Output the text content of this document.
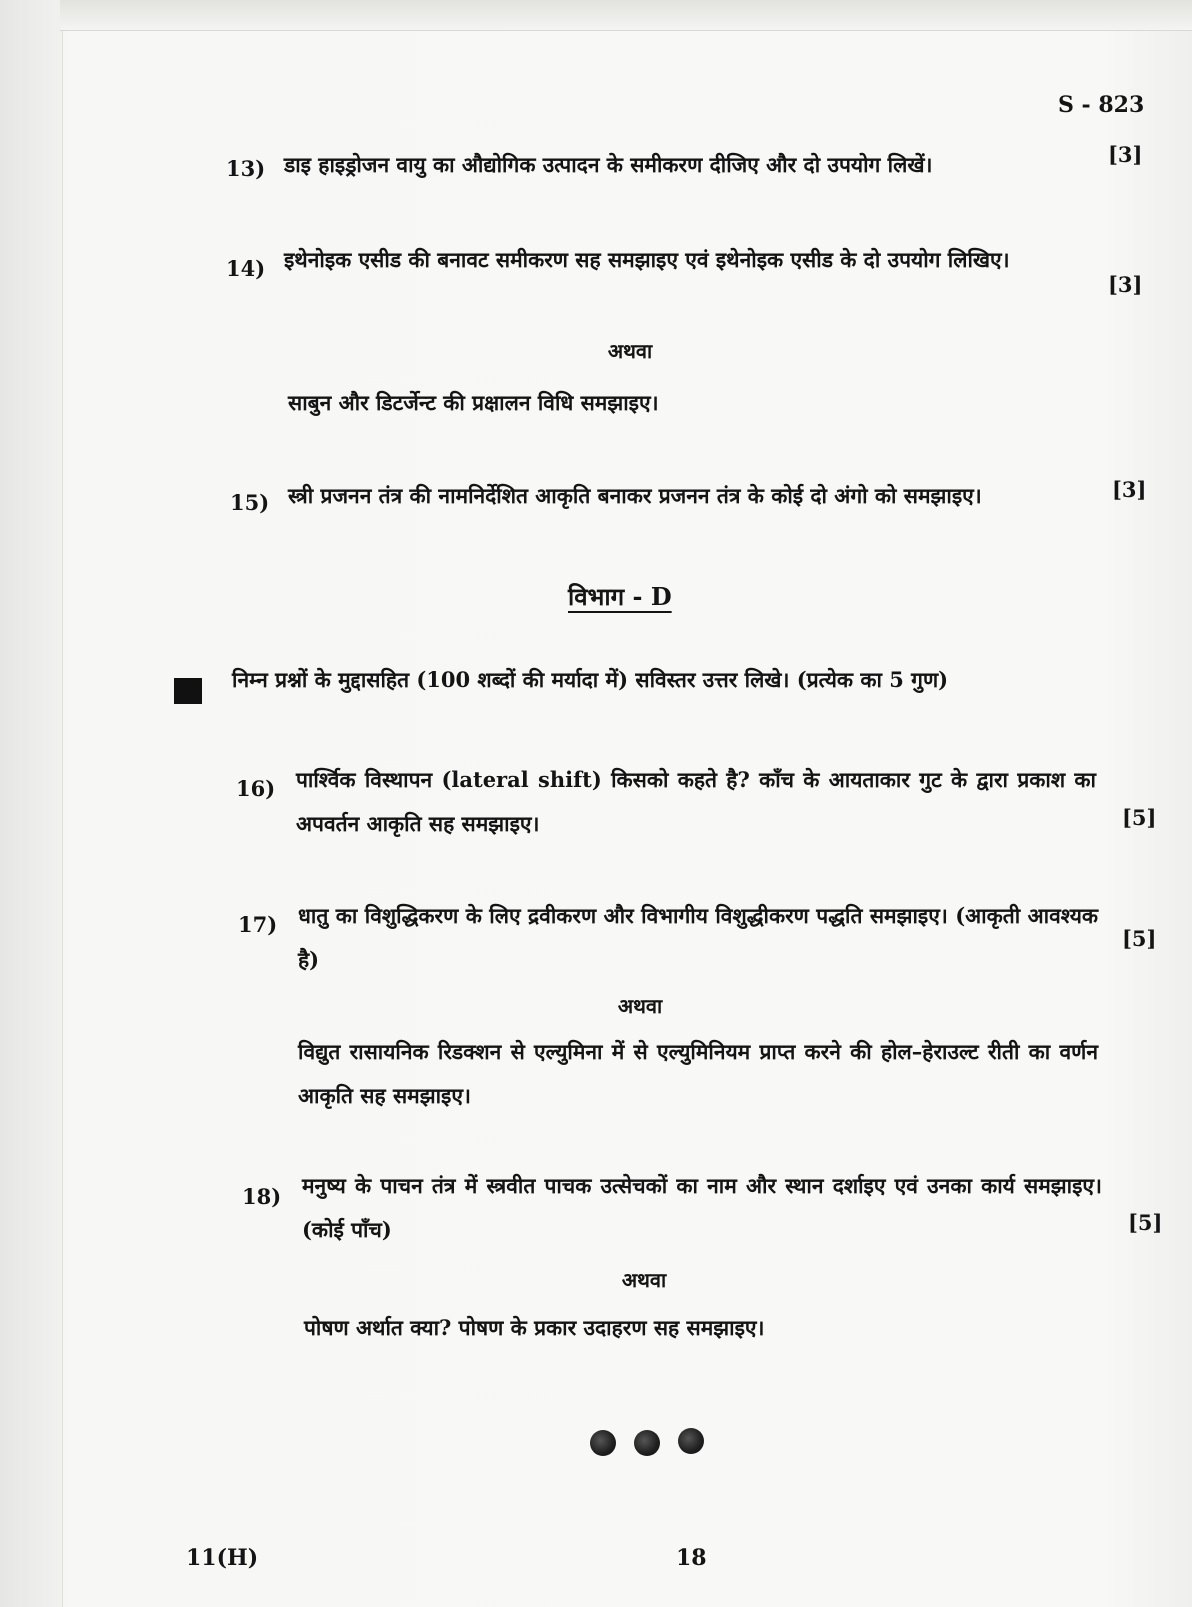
S - 823
13) डाइ हाइड्रोजन वायु का औद्योगिक उत्पादन के समीकरण दीजिए और दो उपयोग लिखें।	[3]
14) इथेनोइक एसीड की बनावट समीकरण सह समझाइए एवं इथेनोइक एसीड के दो उपयोग लिखिए।
[3]
अथवा
साबुन और डिटर्जेन्ट की प्रक्षालन विधि समझाइए।
15) स्त्री प्रजनन तंत्र की नामनिर्देशित आकृति बनाकर प्रजनन तंत्र के कोई दो अंगो को समझाइए।	[3]
विभाग - D
निम्न प्रश्नों के मुद्दासहित (100 शब्दों की मर्यादा में) सविस्तर उत्तर लिखे। (प्रत्येक का 5 गुण)
16) पार्श्विक विस्थापन (lateral shift) किसको कहते है? काँच के आयताकार गुट के द्वारा प्रकाश का अपवर्तन आकृति सह समझाइए।	[5]
17) धातु का विशुद्धिकरण के लिए द्रवीकरण और विभागीय विशुद्धीकरण पद्धति समझाइए। (आकृती आवश्यक है)
[5]
अथवा
विद्युत रासायनिक रिडक्शन से एल्युमिना में से एल्युमिनियम प्राप्त करने की होल–हेराउल्ट रीती का वर्णन आकृति सह समझाइए।
18) मनुष्य के पाचन तंत्र में स्त्रवीत पाचक उत्सेचकों का नाम और स्थान दर्शाइए एवं उनका कार्य समझाइए। (कोई पाँच)	[5]
अथवा
पोषण अर्थात क्या? पोषण के प्रकार उदाहरण सह समझाइए।
11(H)	18
